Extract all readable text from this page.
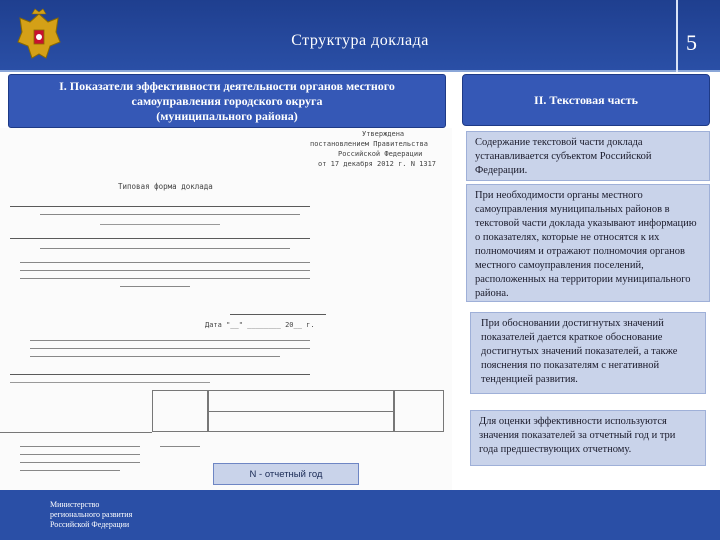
Структура доклада	5
I. Показатели эффективности деятельности органов местного
самоуправления городского округа
(муниципального района)
Утверждена
постановлением Правительства
Российской Федерации
от 17 декабря 2012 г. N 1317
Типовая форма доклада
Дата "__" ________ 20__ г.
N - отчетный год
II. Текстовая часть
Содержание текстовой части доклада устанавливается субъектом Российской Федерации.
При необходимости органы местного самоуправления муниципальных районов в текстовой части доклада указывают информацию о показателях, которые не относятся к их полномочиям и отражают полномочия органов местного самоуправления поселений, расположенных на территории муниципального района.
При обосновании достигнутых значений показателей дается краткое обоснование достигнутых значений показателей, а также пояснения по показателям с негативной тенденцией развития.
Для оценки эффективности используются значения показателей за отчетный год и три года предшествующих отчетному.
Министерство
регионального развития
Российской Федерации
